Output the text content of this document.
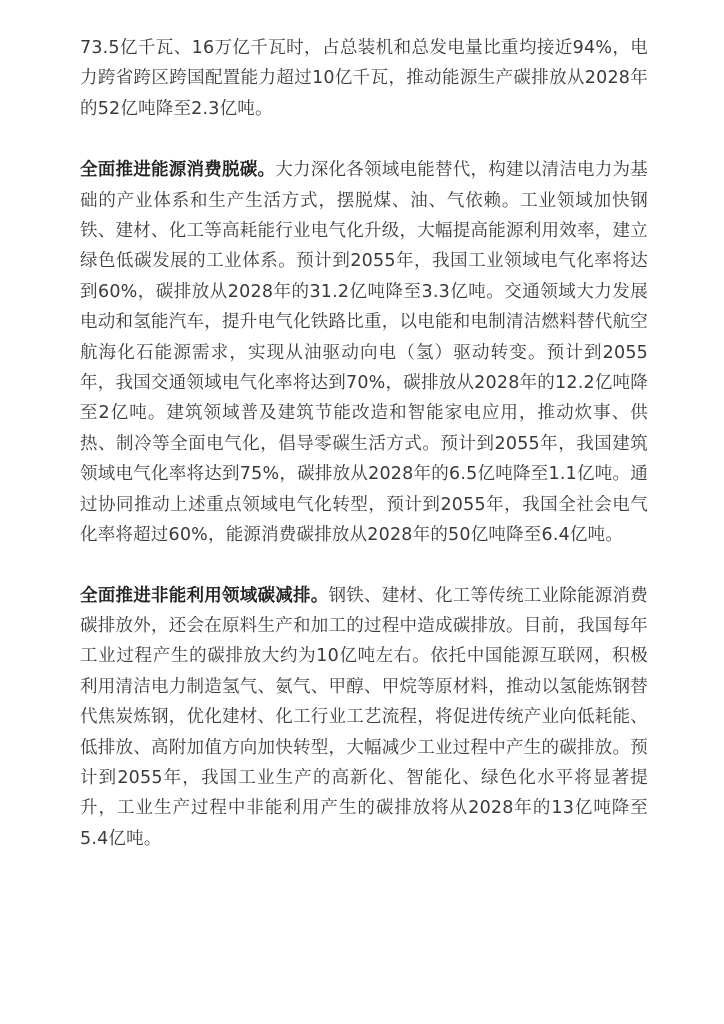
73.5亿千瓦、16万亿千瓦时，占总装机和总发电量比重均接近94%，电力跨省跨区跨国配置能力超过10亿千瓦，推动能源生产碳排放从2028年的52亿吨降至2.3亿吨。

全面推进能源消费脱碳。大力深化各领域电能替代，构建以清洁电力为基础的产业体系和生产生活方式，摆脱煤、油、气依赖。工业领域加快钢铁、建材、化工等高耗能行业电气化升级，大幅提高能源利用效率，建立绿色低碳发展的工业体系。预计到2055年，我国工业领域电气化率将达到60%，碳排放从2028年的31.2亿吨降至3.3亿吨。交通领域大力发展电动和氢能汽车，提升电气化铁路比重，以电能和电制清洁燃料替代航空航海化石能源需求，实现从油驱动向电（氢）驱动转变。预计到2055年，我国交通领域电气化率将达到70%，碳排放从2028年的12.2亿吨降至2亿吨。建筑领域普及建筑节能改造和智能家电应用，推动炊事、供热、制冷等全面电气化，倡导零碳生活方式。预计到2055年，我国建筑领域电气化率将达到75%，碳排放从2028年的6.5亿吨降至1.1亿吨。通过协同推动上述重点领域电气化转型，预计到2055年，我国全社会电气化率将超过60%，能源消费碳排放从2028年的50亿吨降至6.4亿吨。

全面推进非能利用领域碳减排。钢铁、建材、化工等传统工业除能源消费碳排放外，还会在原料生产和加工的过程中造成碳排放。目前，我国每年工业过程产生的碳排放大约为10亿吨左右。依托中国能源互联网，积极利用清洁电力制造氢气、氨气、甲醇、甲烷等原材料，推动以氢能炼钢替代焦炭炼钢，优化建材、化工行业工艺流程，将促进传统产业向低耗能、低排放、高附加值方向加快转型，大幅减少工业过程中产生的碳排放。预计到2055年，我国工业生产的高新化、智能化、绿色化水平将显著提升，工业生产过程中非能利用产生的碳排放将从2028年的13亿吨降至5.4亿吨。
